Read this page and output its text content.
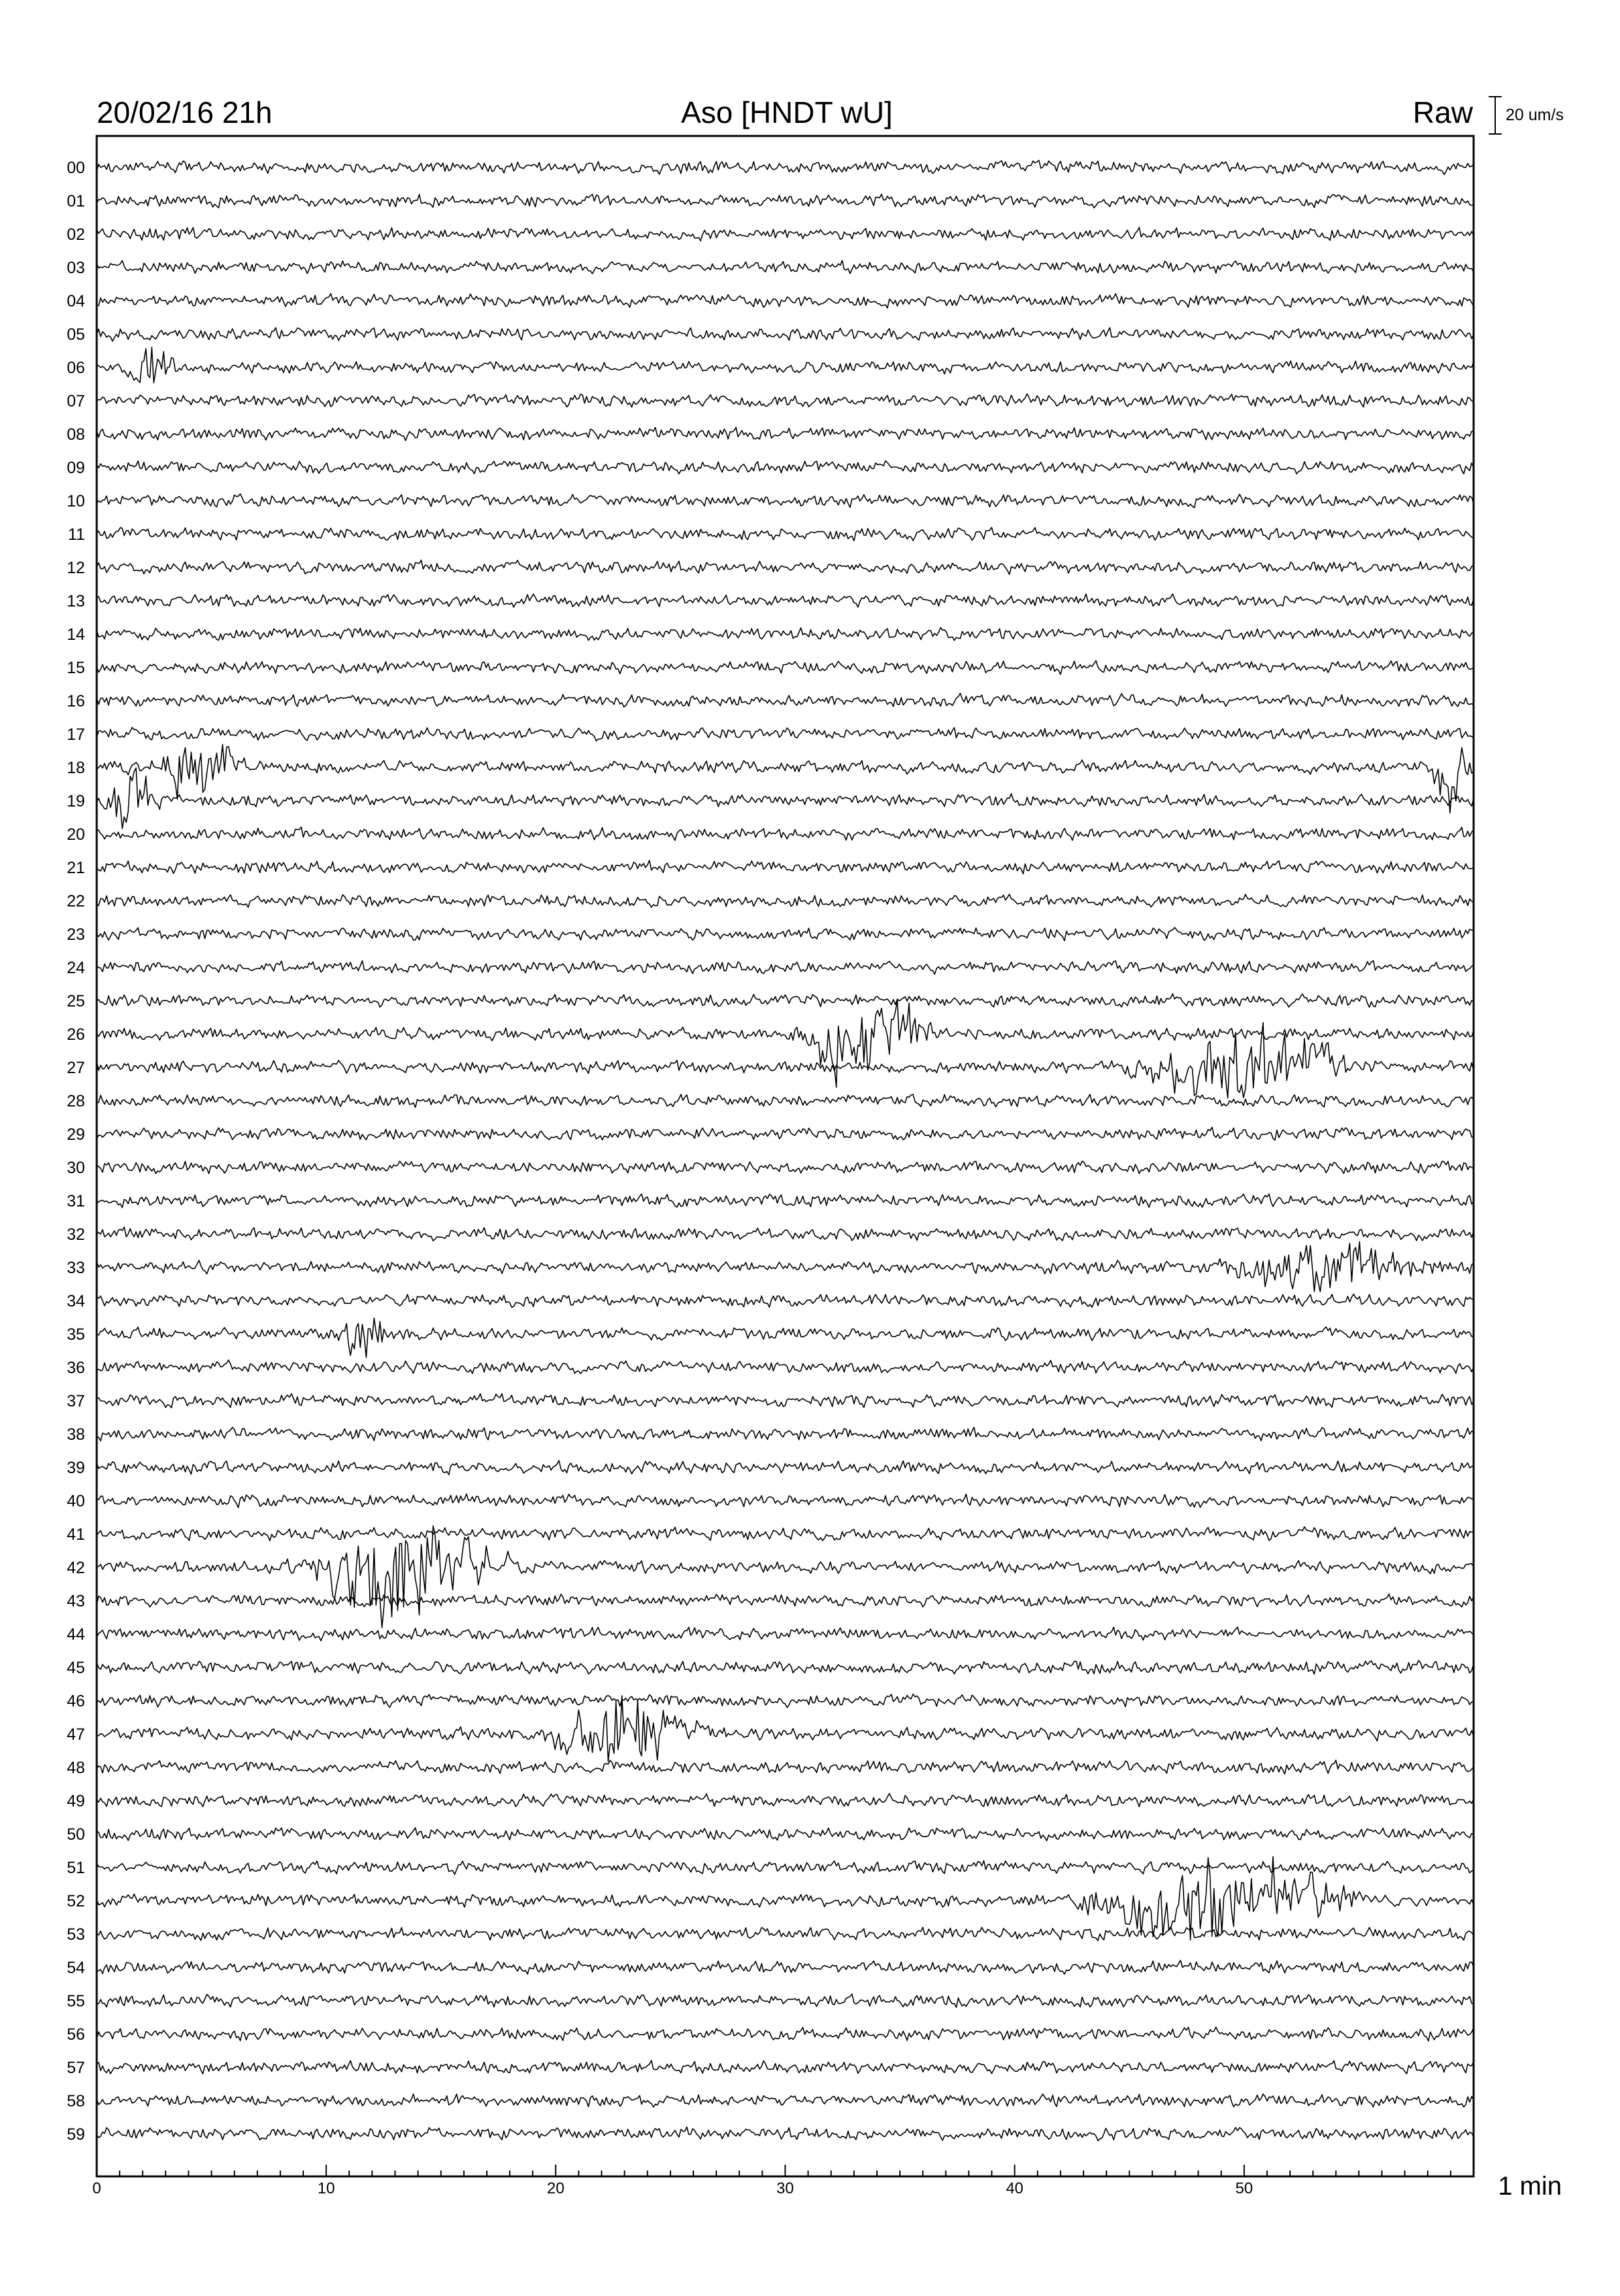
20/02/16 21h	Aso [HNDT wU]	Raw 20 um/s
00
01
02
03
04
05
06
07
08
09
10
11
12
13
14
15
16
17
18
19
20
21
22
23
24
25
26
27
28
29
30
31
32
33
34
35
36
37
38
39
40
41
42
43
44
45
46
47
48
49
50
51
52
53
54
55
56
57
58
59
0	10	20	30	40	50	1 min
